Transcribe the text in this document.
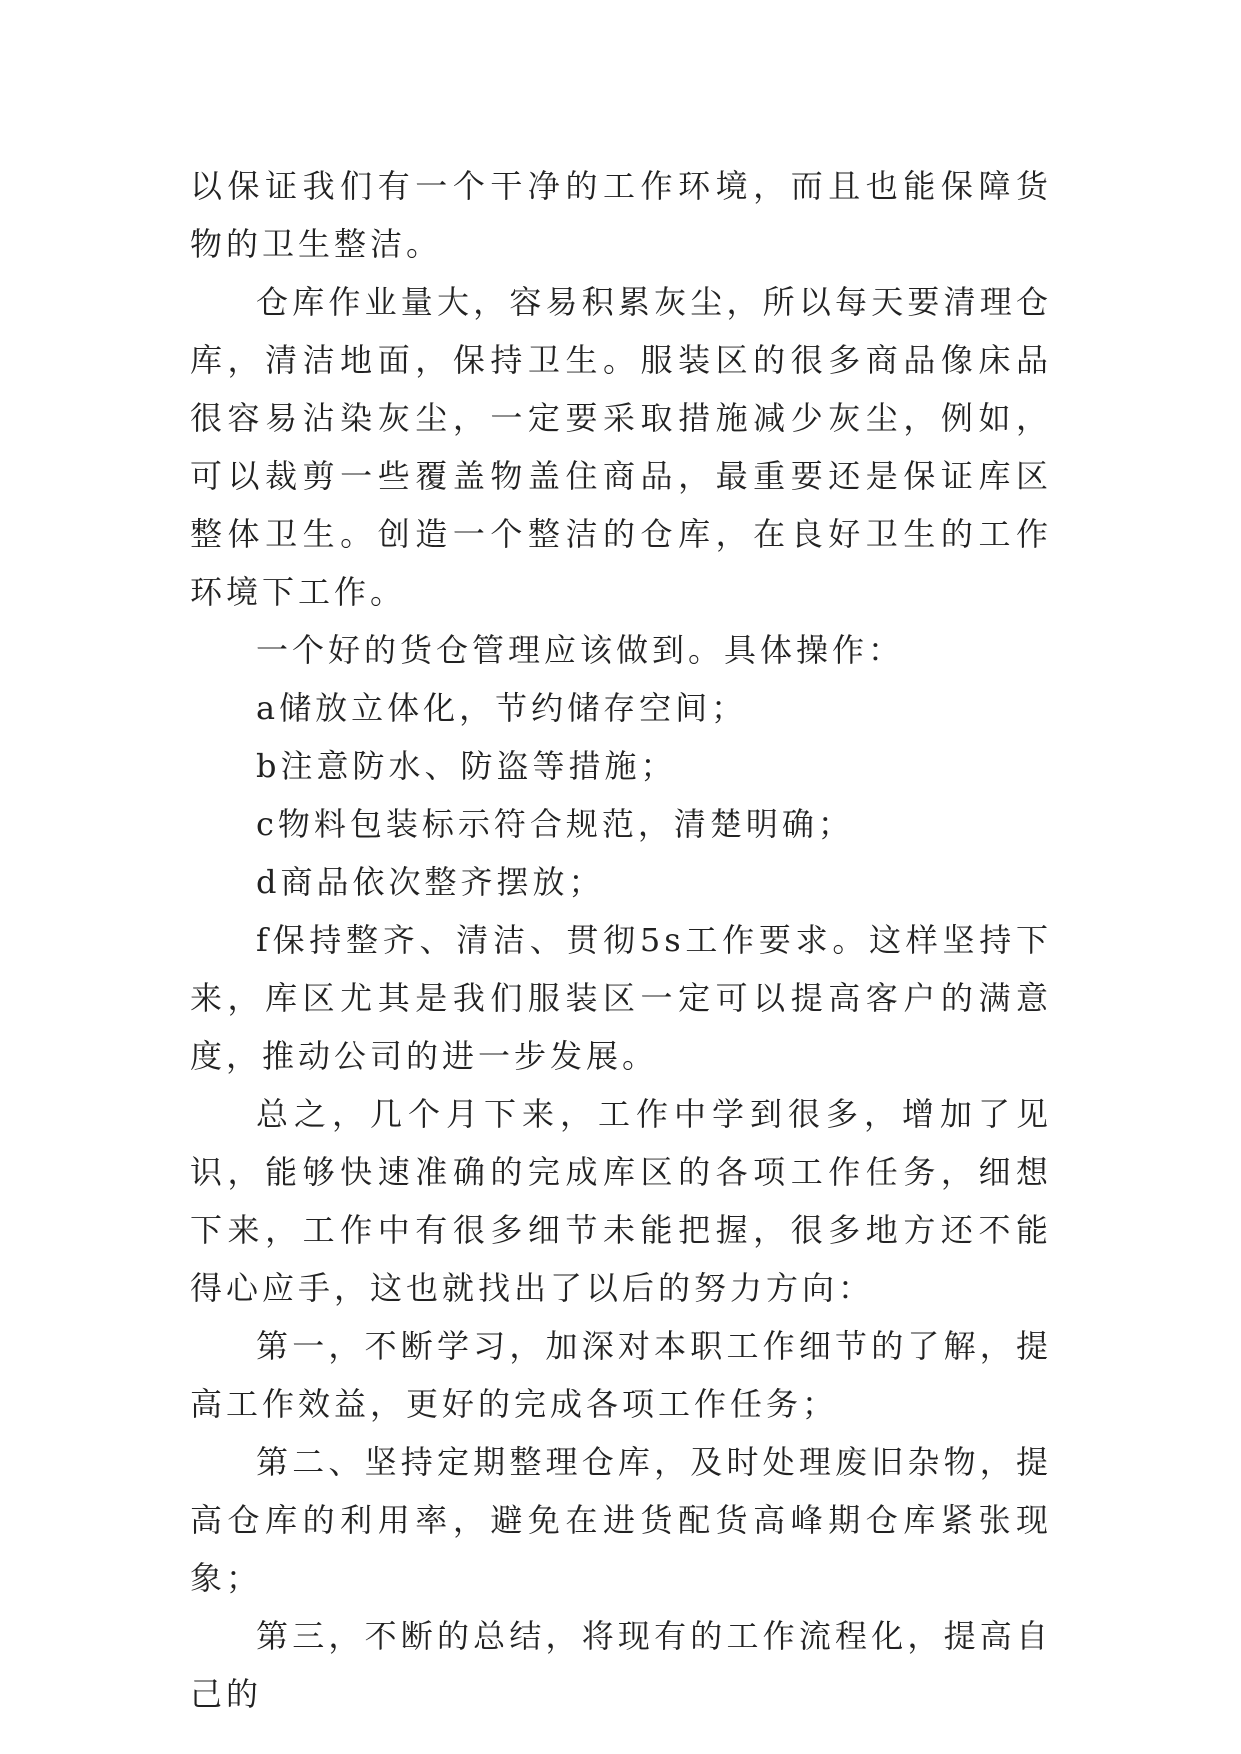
以保证我们有一个干净的工作环境，而且也能保障货物的卫生整洁。

仓库作业量大，容易积累灰尘，所以每天要清理仓库，清洁地面，保持卫生。服装区的很多商品像床品很容易沾染灰尘，一定要采取措施减少灰尘，例如，可以裁剪一些覆盖物盖住商品，最重要还是保证库区整体卫生。创造一个整洁的仓库，在良好卫生的工作环境下工作。

一个好的货仓管理应该做到。具体操作：

a储放立体化，节约储存空间；

b注意防水、防盗等措施；

c物料包装标示符合规范，清楚明确；

d商品依次整齐摆放；

f保持整齐、清洁、贯彻5s工作要求。这样坚持下来，库区尤其是我们服装区一定可以提高客户的满意度，推动公司的进一步发展。

总之，几个月下来，工作中学到很多，增加了见识，能够快速准确的完成库区的各项工作任务，细想下来，工作中有很多细节未能把握，很多地方还不能得心应手，这也就找出了以后的努力方向：

第一，不断学习，加深对本职工作细节的了解，提高工作效益，更好的完成各项工作任务；

第二、坚持定期整理仓库，及时处理废旧杂物，提高仓库的利用率，避免在进货配货高峰期仓库紧张现象；

第三，不断的总结，将现有的工作流程化，提高自己的
